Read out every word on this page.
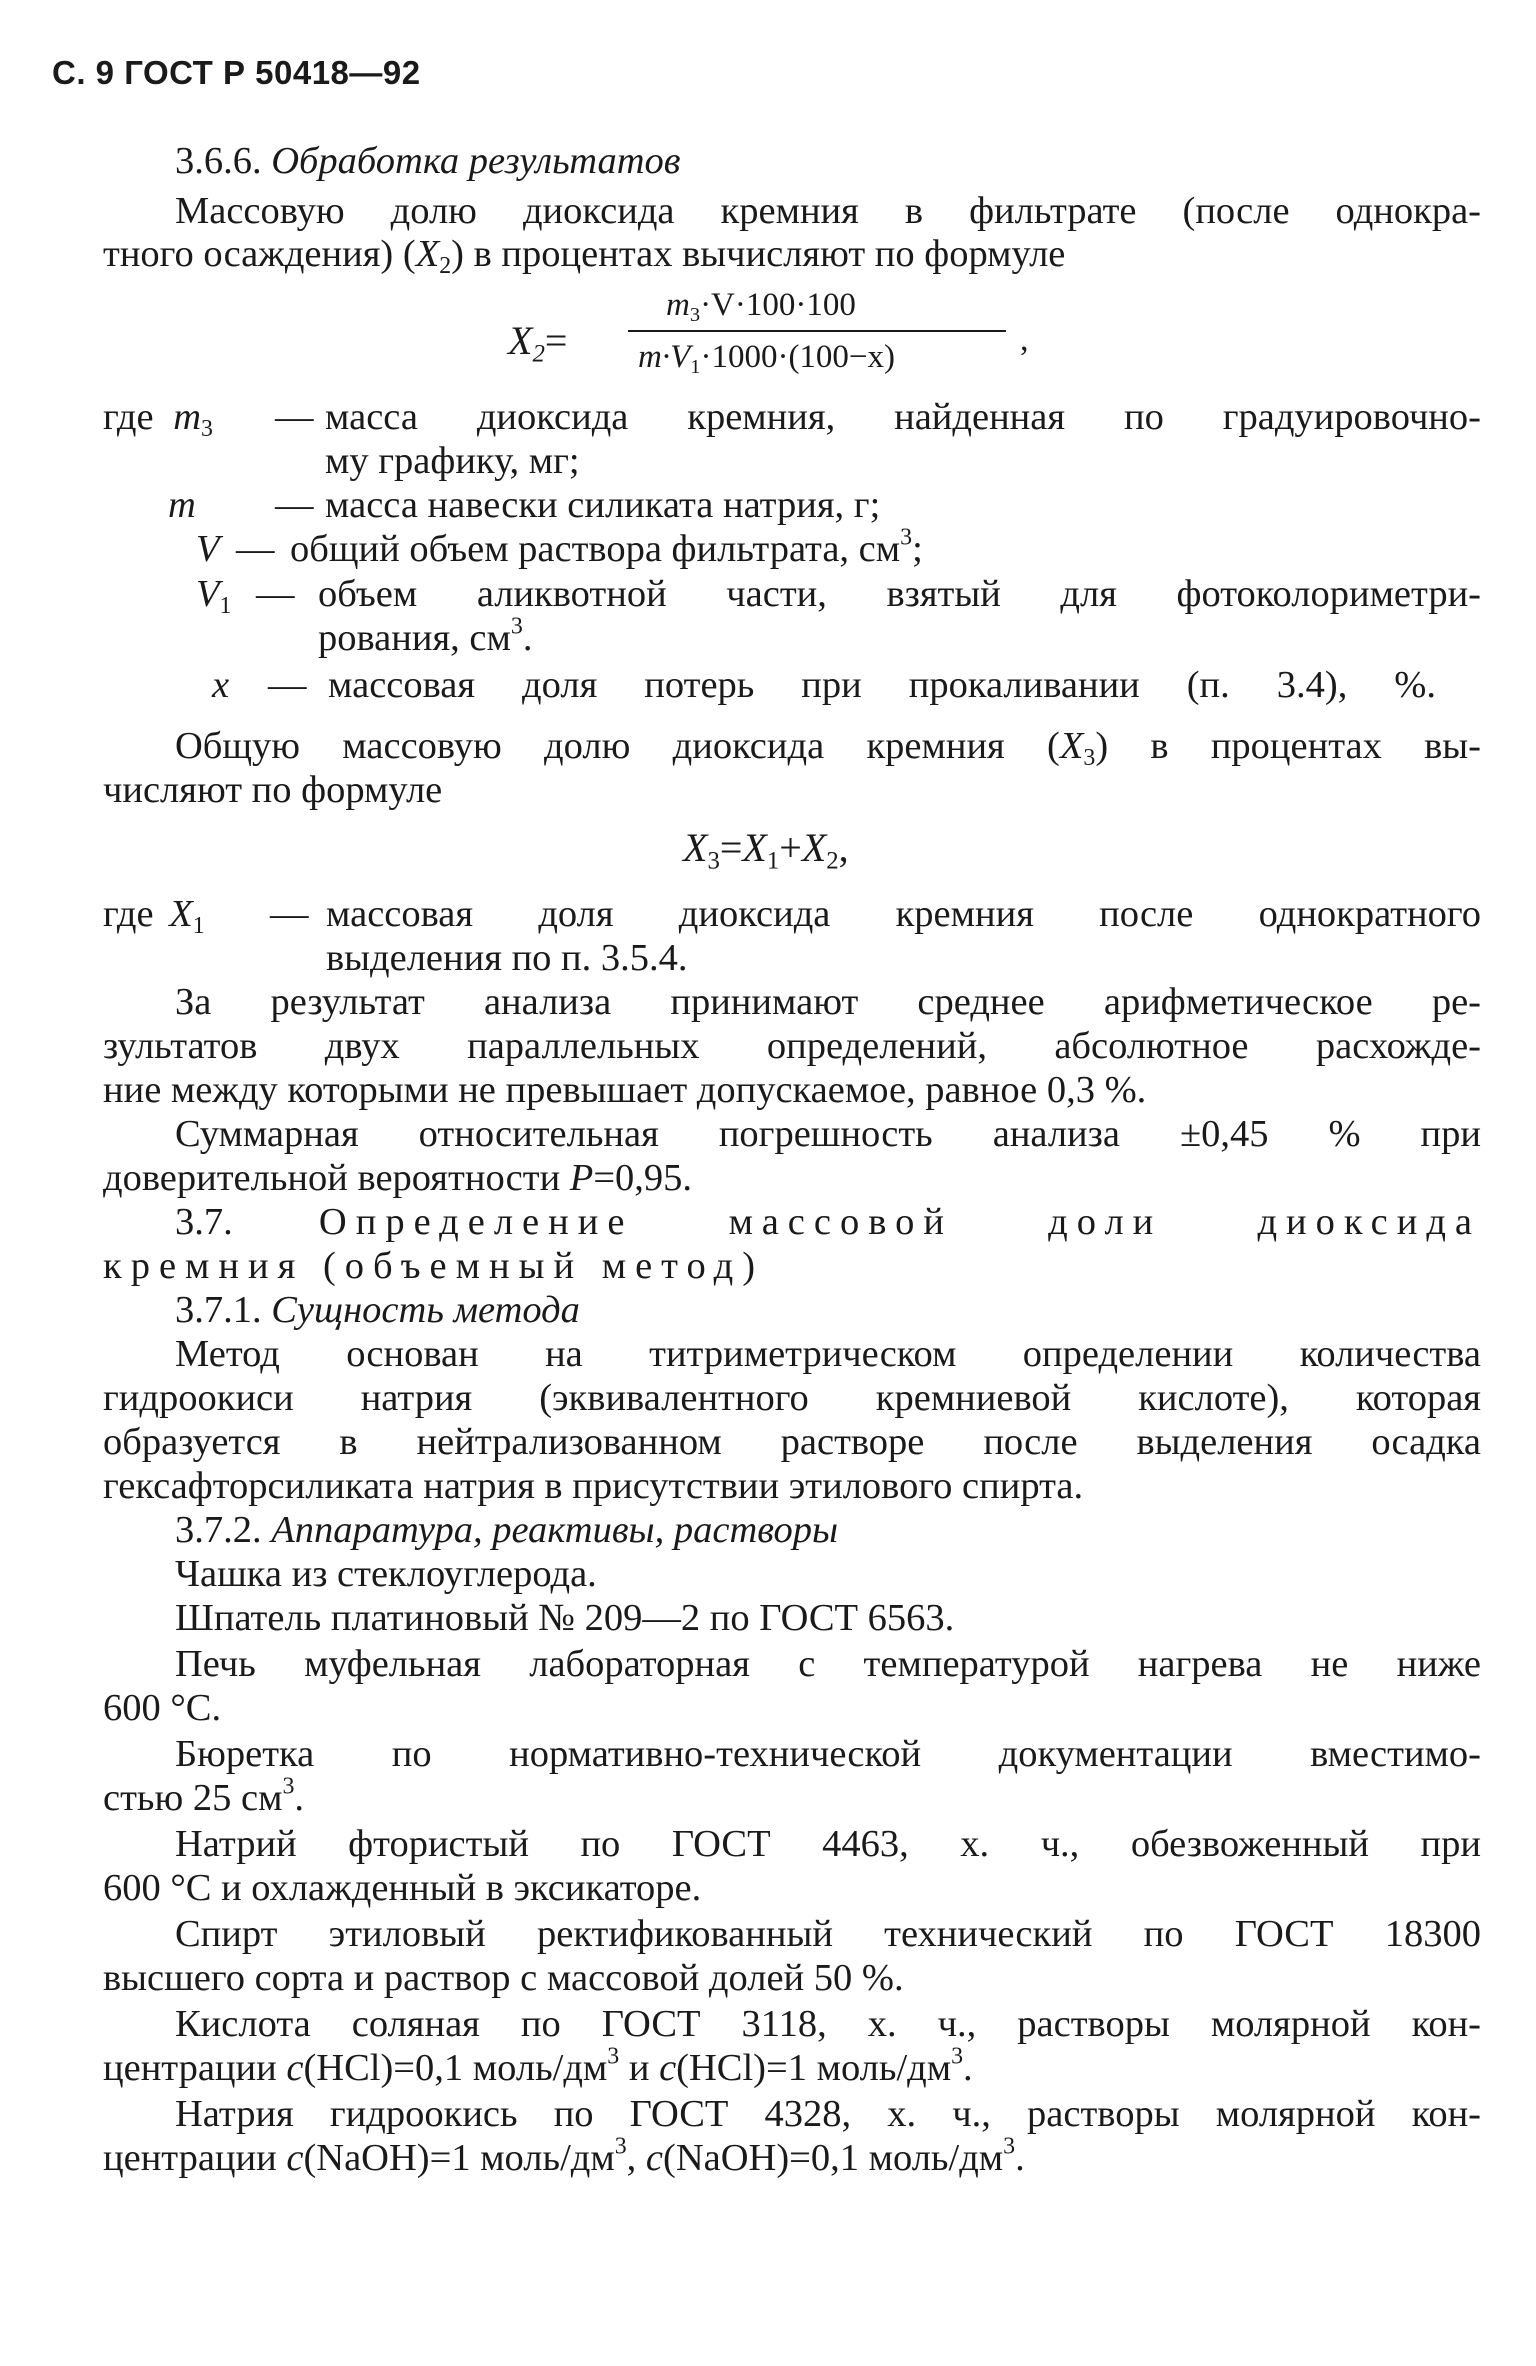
С. 9 ГОСТ Р 50418—92
3.6.6. Обработка результатов
Массовую долю диоксида кремния в фильтрате (после однокра-
тного осаждения) $(X_2)$ в процентах вычисляют по формуле
$X_2=$
$m_3\cdot V\cdot 100\cdot 100$
$m\cdot V_1\cdot 1000\cdot(100-x)$	,
где $m_3$ — масса диоксида кремния, найденная по градуировочно-
му графику, мг;
m — масса навески силиката натрия, г;
V — общий объем раствора фильтрата, $см^3$;
$V_1$ — объем аликвотной части, взятый для фотоколориметри-
рования, $см^3$.
x — массовая доля потерь при прокаливании (п. 3.4), %.
Общую массовую долю диоксида кремния $(X_3)$ в процентах вы-
числяют по формуле
$X_3=X_1+X_2$,
где $X_1$ — массовая доля диоксида кремния после однократного
выделения по п. 3.5.4.
За результат анализа принимают среднее арифметическое ре-
зультатов двух параллельных определений, абсолютное расхожде-
ние между которыми не превышает допускаемое, равное 0,3 %.
Суммарная относительная погрешность анализа ±0,45 % при
доверительной вероятности P=0,95.
3.7. Определение массовой доли диоксида
кремния (объемный метод)
3.7.1. Сущность метода
Метод основан на титриметрическом определении количества
гидроокиси натрия (эквивалентного кремниевой кислоте), которая
образуется в нейтрализованном растворе после выделения осадка
гексафторсиликата натрия в присутствии этилового спирта.
3.7.2. Аппаратура, реактивы, растворы
Чашка из стеклоуглерода.
Шпатель платиновый № 209—2 по ГОСТ 6563.
Печь муфельная лабораторная с температурой нагрева не ниже
600 °С.
Бюретка по нормативно-технической документации вместимо-
стью 25 $см^3$.
Натрий фтористый по ГОСТ 4463, х. ч., обезвоженный при
600 °С и охлажденный в эксикаторе.
Спирт этиловый ректификованный технический по ГОСТ 18300
высшего сорта и раствор с массовой долей 50 %.
Кислота соляная по ГОСТ 3118, х. ч., растворы молярной кон-
центрации c(HCl)=0,1 моль/$дм^3$ и c(HCl)=1 моль/$дм^3$.
Натрия гидроокись по ГОСТ 4328, х. ч., растворы молярной кон-
центрации c(NaOH)=1 моль/$дм^3$, c(NaOH)=0,1 моль/$дм^3$.
